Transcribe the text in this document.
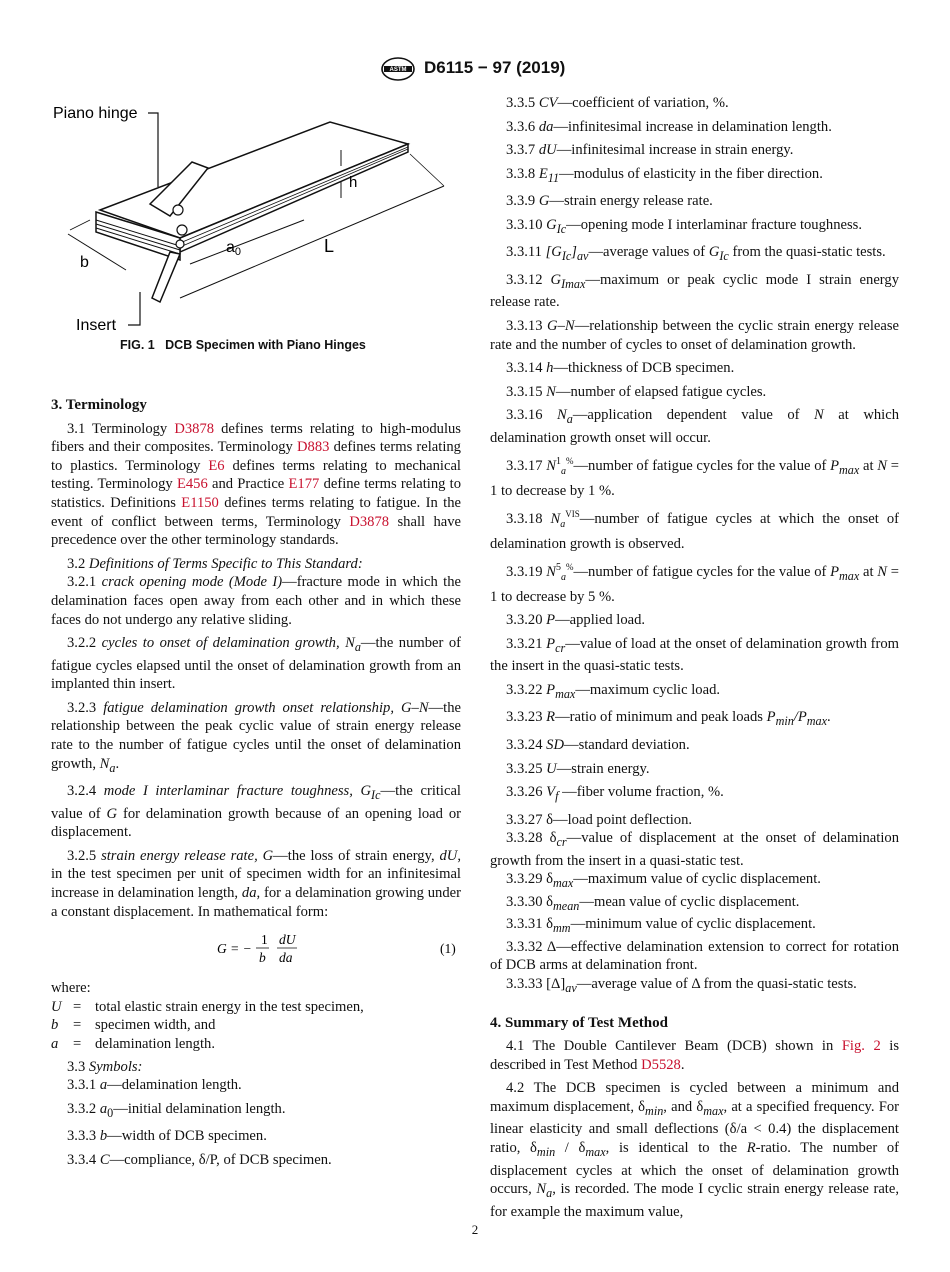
ASTM D6115 − 97 (2019)
Piano hinge
Insert
h
a0	L
b
FIG. 1 DCB Specimen with Piano Hinges

3. Terminology

3.1 Terminology D3878 defines terms relating to high-modulus fibers and their composites. Terminology D883 defines terms relating to plastics. Terminology E6 defines terms relating to mechanical testing. Terminology E456 and Practice E177 define terms relating to statistics. Definitions E1150 defines terms relating to fatigue. In the event of conflict between terms, Terminology D3878 shall have precedence over the other terminology standards.

3.2 Definitions of Terms Specific to This Standard:

3.2.1 crack opening mode (Mode I)—fracture mode in which the delamination faces open away from each other and in which these faces do not undergo any relative sliding.

3.2.2 cycles to onset of delamination growth, $N_a—the$ number of fatigue cycles elapsed until the onset of delamination growth from an implanted thin insert.

3.2.3 fatigue delamination growth onset relationship, G–N—the relationship between the peak cyclic value of strain energy release rate to the number of fatigue cycles until the onset of delamination growth, $N_a$.

3.2.4 mode I interlaminar fracture toughness, $G_{Ic}—the$ critical value of G for delamination growth because of an opening load or displacement.

3.2.5 strain energy release rate, G—the loss of strain energy, dU, in the test specimen per unit of specimen width for an infinitesimal increase in delamination length, da, for a delamination growing under a constant displacement. In mathematical form:

G = −
1
b
dU
da
(1)

where:

U = total elastic strain energy in the test specimen,
b	= specimen width, and
a	= delamination length.

3.3 Symbols:

3.3.1 a—delamination length.

3.3.2 $a_0—initial$ delamination length.

3.3.3 b—width of DCB specimen.

3.3.4 C—compliance, δ/P, of DCB specimen.

3.3.5 CV—coefficient of variation, %.

3.3.6 da—infinitesimal increase in delamination length.

3.3.7 dU—infinitesimal increase in strain energy.

3.3.8 $E_{11}—modulus$ of elasticity in the fiber direction.

3.3.9 G—strain energy release rate.

3.3.10 $G_{Ic}—opening$ mode I interlaminar fracture toughness.

3.3.11 $[G_{Ic}]_{av}—average$ values of $G_{Ic}$ from the quasi-static tests.

3.3.12 $G_{Imax}—maximum$ or peak cyclic mode I strain energy release rate.

3.3.13 G–N—relationship between the cyclic strain energy release rate and the number of cycles to onset of delamination growth.

3.3.14 h—thickness of DCB specimen.

3.3.15 N—number of elapsed fatigue cycles.

3.3.16 $N_a—application$ dependent value of N at which delamination growth onset will occur.

3.3.17 $N^1_a^{\%}—number$ of fatigue cycles for the value of $P_{max}$ at N = 1 to decrease by 1 %.

3.3.18 $N_a^{VIS}—number$ of fatigue cycles at which the onset of delamination growth is observed.

3.3.19 $N^5_a^{\%}—number$ of fatigue cycles for the value of $P_{max}$ at N = 1 to decrease by 5 %.

3.3.20 P—applied load.

3.3.21 $P_{cr}—value$ of load at the onset of delamination growth from the insert in the quasi-static tests.

3.3.22 $P_{max}—maximum$ cyclic load.

3.3.23 R—ratio of minimum and peak loads $P_{min}/P_{max}$.

3.3.24 SD—standard deviation.

3.3.25 U—strain energy.

3.3.26 $V_f$ —fiber volume fraction, %.

3.3.27 δ—load point deflection.

3.3.28 $\delta_{cr}—value$ of displacement at the onset of delamination growth from the insert in a quasi-static test.

3.3.29 $\delta_{max}—maximum$ value of cyclic displacement.

3.3.30 $\delta_{mean}—mean$ value of cyclic displacement.

3.3.31 $\delta_{mm}—minimum$ value of cyclic displacement.

3.3.32 Δ—effective delamination extension to correct for rotation of DCB arms at delamination front.

3.3.33 $[\Delta]_{av}—average$ value of Δ from the quasi-static tests.

4. Summary of Test Method

4.1 The Double Cantilever Beam (DCB) shown in Fig. 2 is described in Test Method D5528.

4.2 The DCB specimen is cycled between a minimum and maximum displacement, $\delta_{min}$, and $\delta_{max}$, at a specified frequency. For linear elasticity and small deflections (δ/a < 0.4) the displacement ratio, $\delta_{min} / \delta_{max}$, is identical to the R-ratio. The number of displacement cycles at which the onset of delamination growth occurs, $N_a$, is recorded. The mode I cyclic strain energy release rate, for example the maximum value,

2
